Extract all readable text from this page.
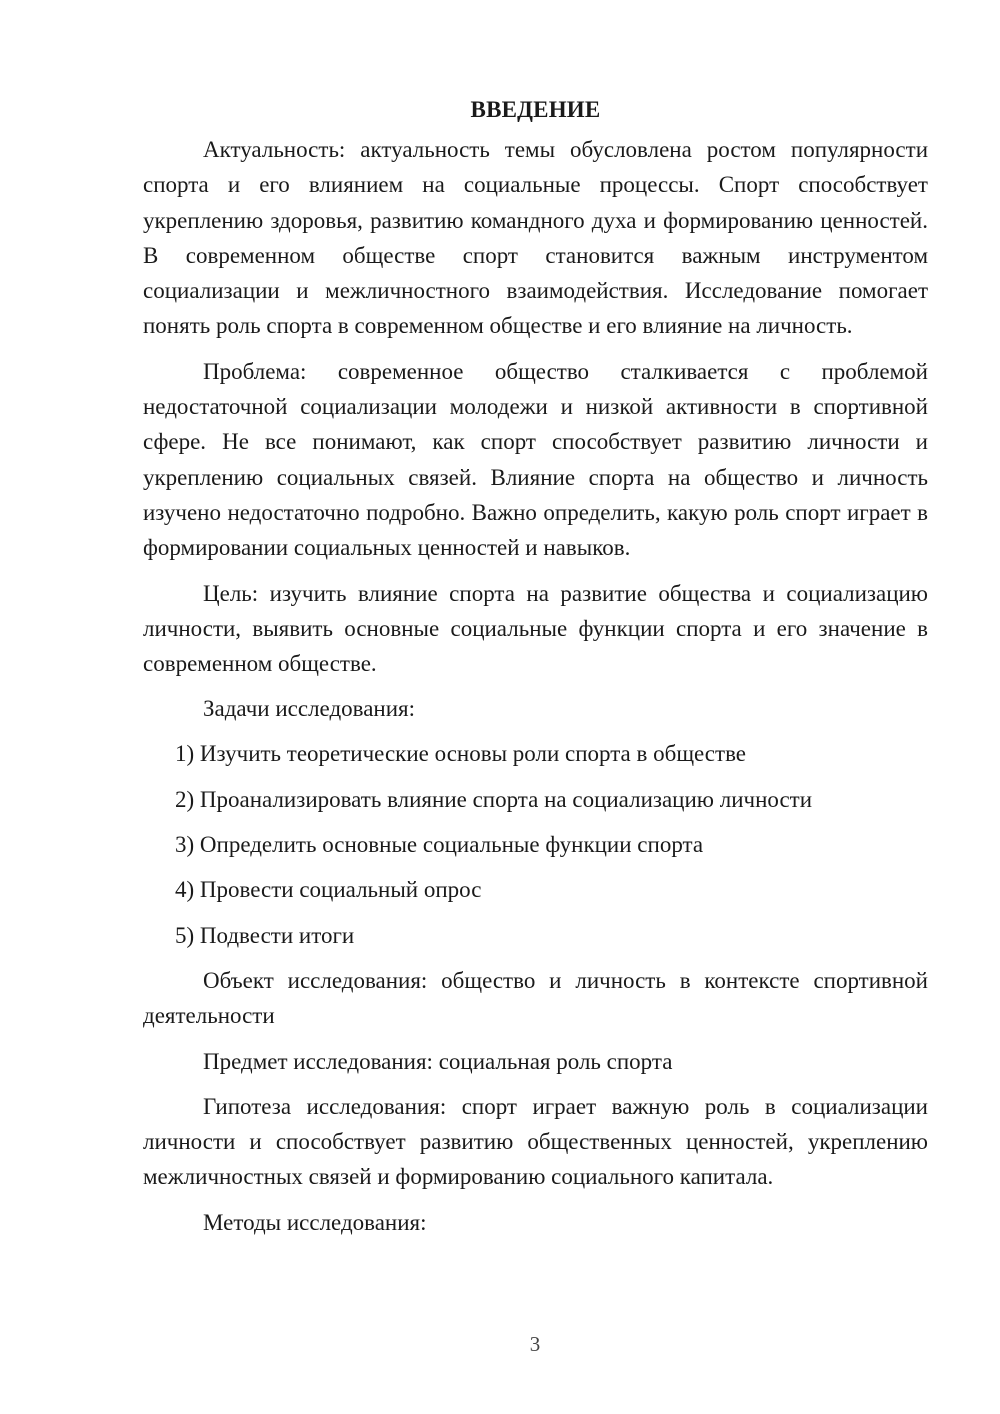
ВВЕДЕНИЕ

Актуальность: актуальность темы обусловлена ростом популярности спорта и его влиянием на социальные процессы. Спорт способствует укреплению здоровья, развитию командного духа и формированию ценностей. В современном обществе спорт становится важным инструментом социализации и межличностного взаимодействия. Исследование помогает понять роль спорта в современном обществе и его влияние на личность.

Проблема: современное общество сталкивается с проблемой недостаточной социализации молодежи и низкой активности в спортивной сфере. Не все понимают, как спорт способствует развитию личности и укреплению социальных связей. Влияние спорта на общество и личность изучено недостаточно подробно. Важно определить, какую роль спорт играет в формировании социальных ценностей и навыков.

Цель: изучить влияние спорта на развитие общества и социализацию личности, выявить основные социальные функции спорта и его значение в современном обществе.

Задачи исследования:

1) Изучить теоретические основы роли спорта в обществе

2) Проанализировать влияние спорта на социализацию личности

3) Определить основные социальные функции спорта

4) Провести социальный опрос

5) Подвести итоги

Объект исследования: общество и личность в контексте спортивной деятельности

Предмет исследования: социальная роль спорта

Гипотеза исследования: спорт играет важную роль в социализации личности и способствует развитию общественных ценностей, укреплению межличностных связей и формированию социального капитала.

Методы исследования:

3
